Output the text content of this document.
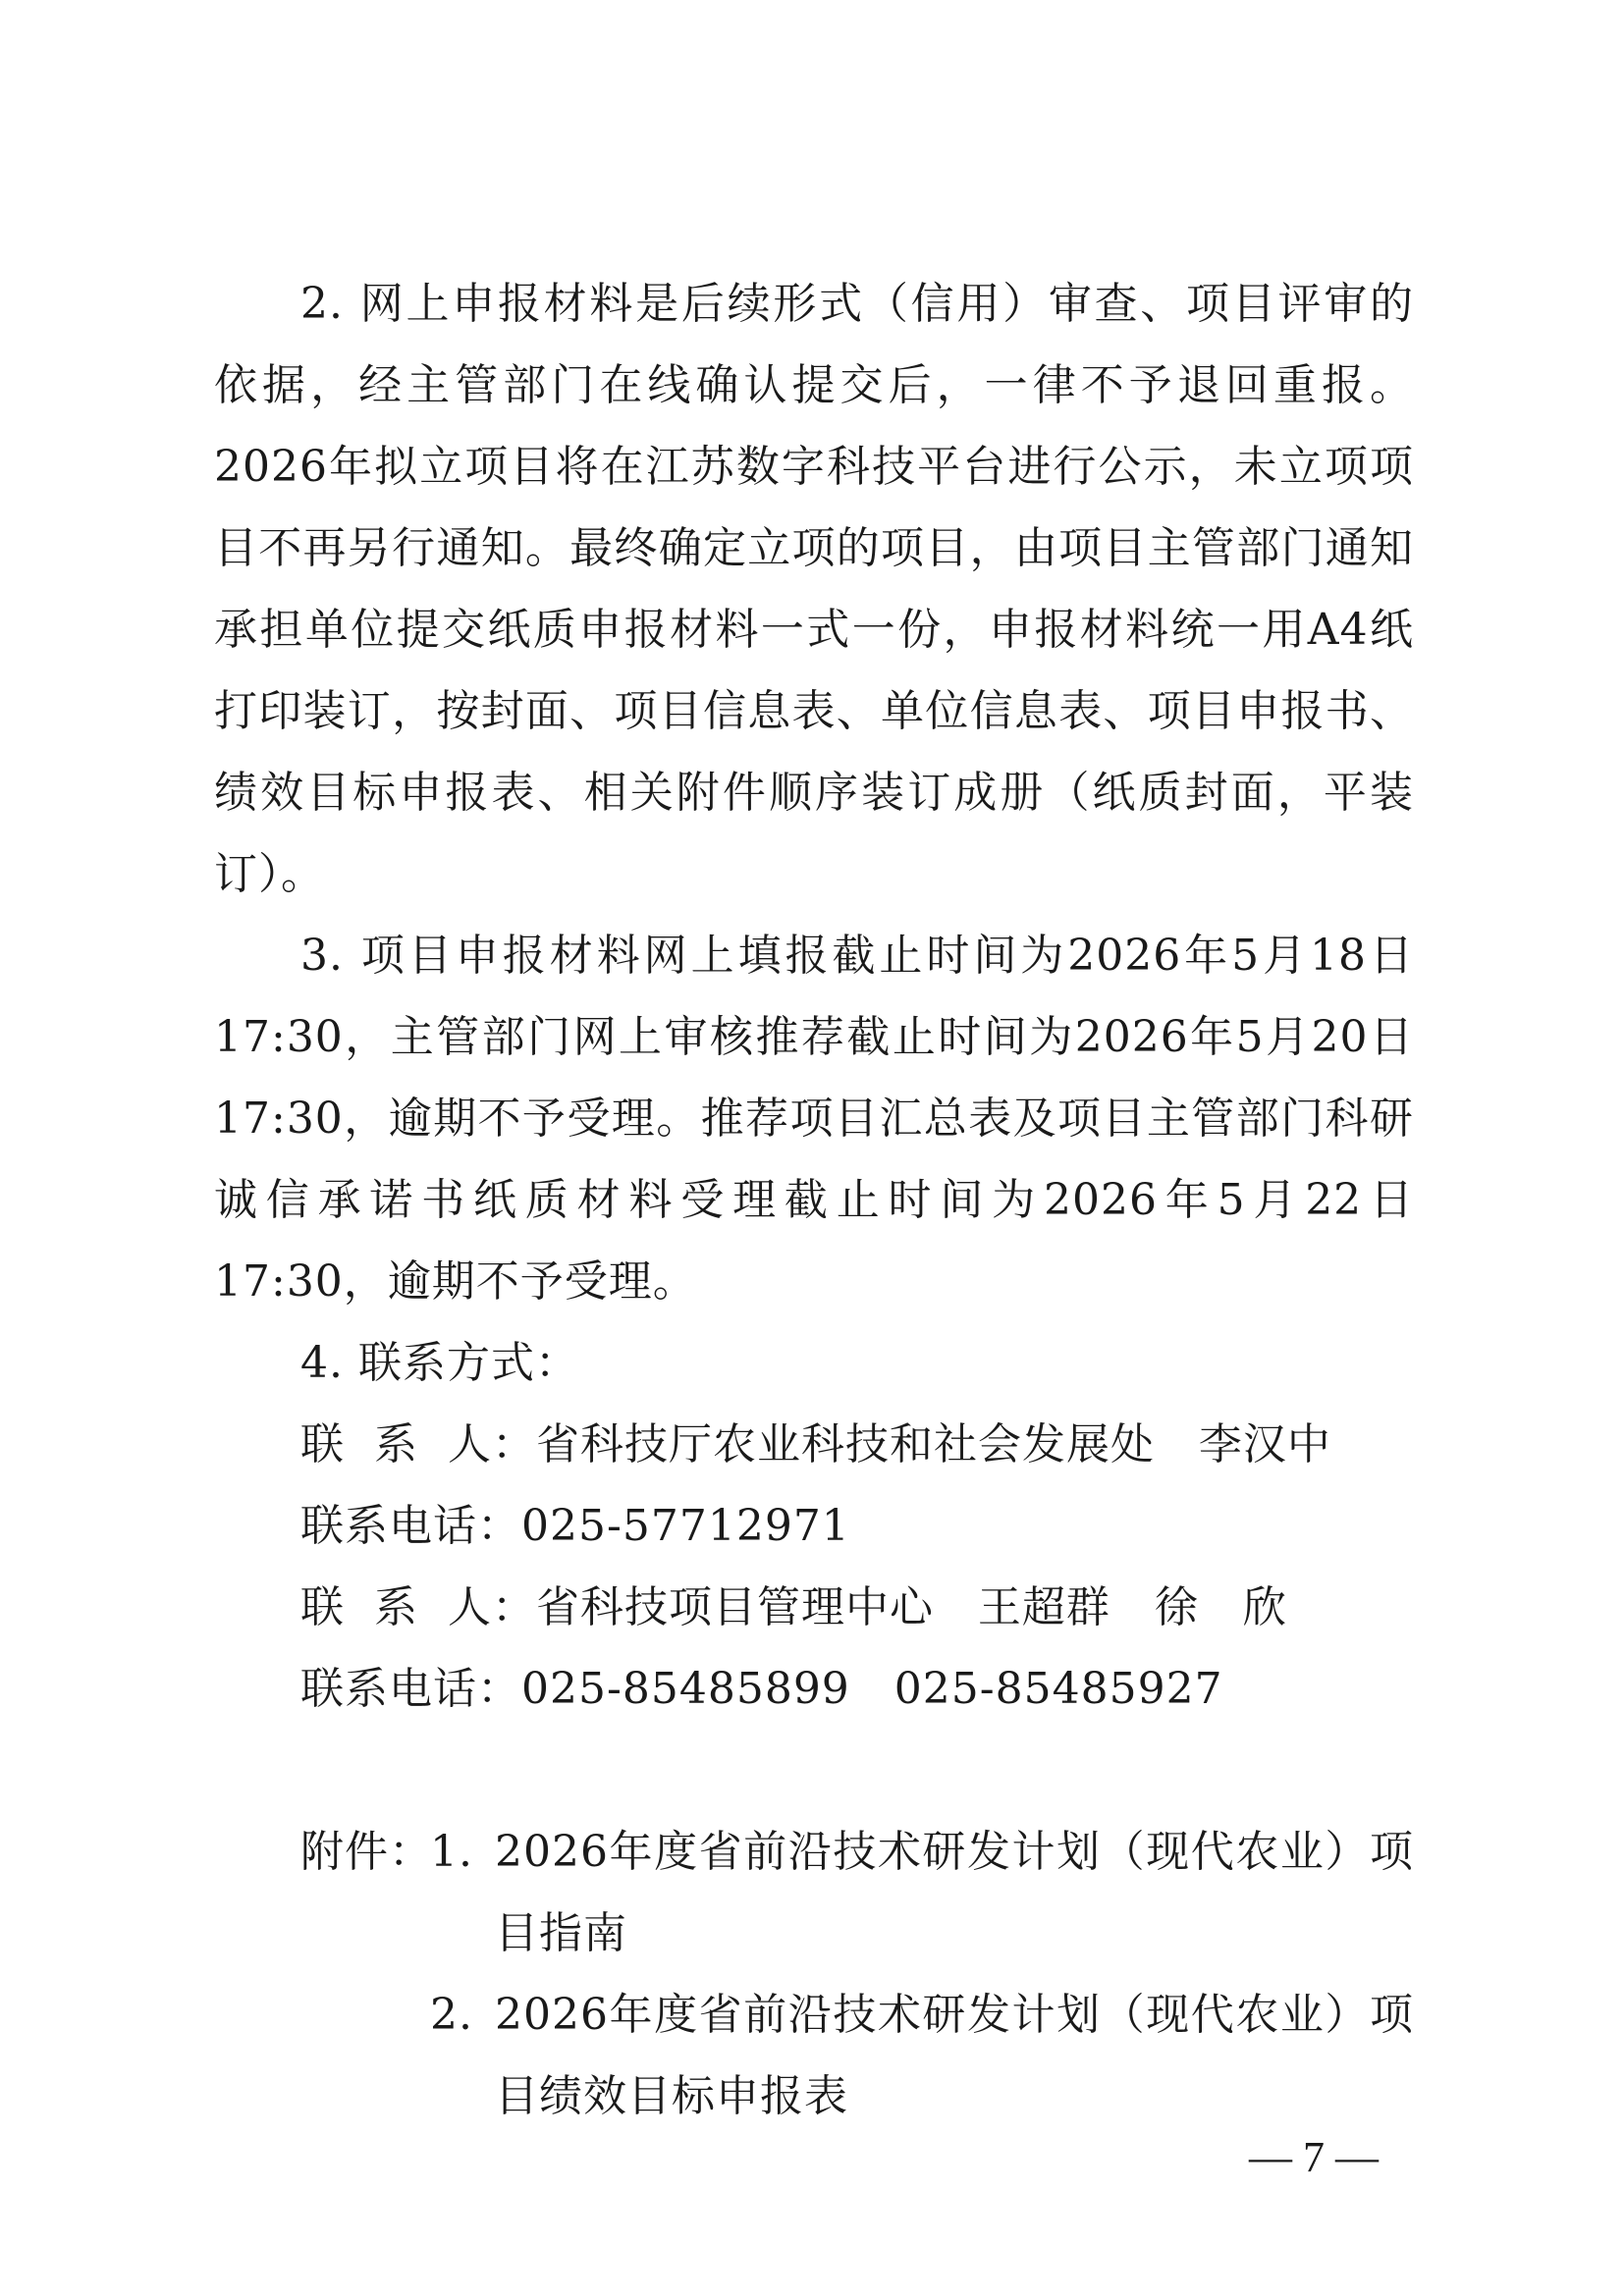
2. 网上申报材料是后续形式（信用）审查、项目评审的依据，经主管部门在线确认提交后，一律不予退回重报。2026年拟立项目将在江苏数字科技平台进行公示，未立项项目不再另行通知。最终确定立项的项目，由项目主管部门通知承担单位提交纸质申报材料一式一份，申报材料统一用A4纸打印装订，按封面、项目信息表、单位信息表、项目申报书、绩效目标申报表、相关附件顺序装订成册（纸质封面，平装订）。

3. 项目申报材料网上填报截止时间为2026年5月18日17:30，主管部门网上审核推荐截止时间为2026年5月20日17:30，逾期不予受理。推荐项目汇总表及项目主管部门科研诚信承诺书纸质材料受理截止时间为2026年5月22日17:30，逾期不予受理。

4. 联系方式：

联  系  人：省科技厅农业科技和社会发展处   李汉中

联系电话：025-57712971

联  系  人：省科技项目管理中心   王超群   徐   欣

联系电话：025-85485899   025-85485927

附件：
1. 2026年度省前沿技术研发计划（现代农业）项目指南
2. 2026年度省前沿技术研发计划（现代农业）项目绩效目标申报表
— 7 —
